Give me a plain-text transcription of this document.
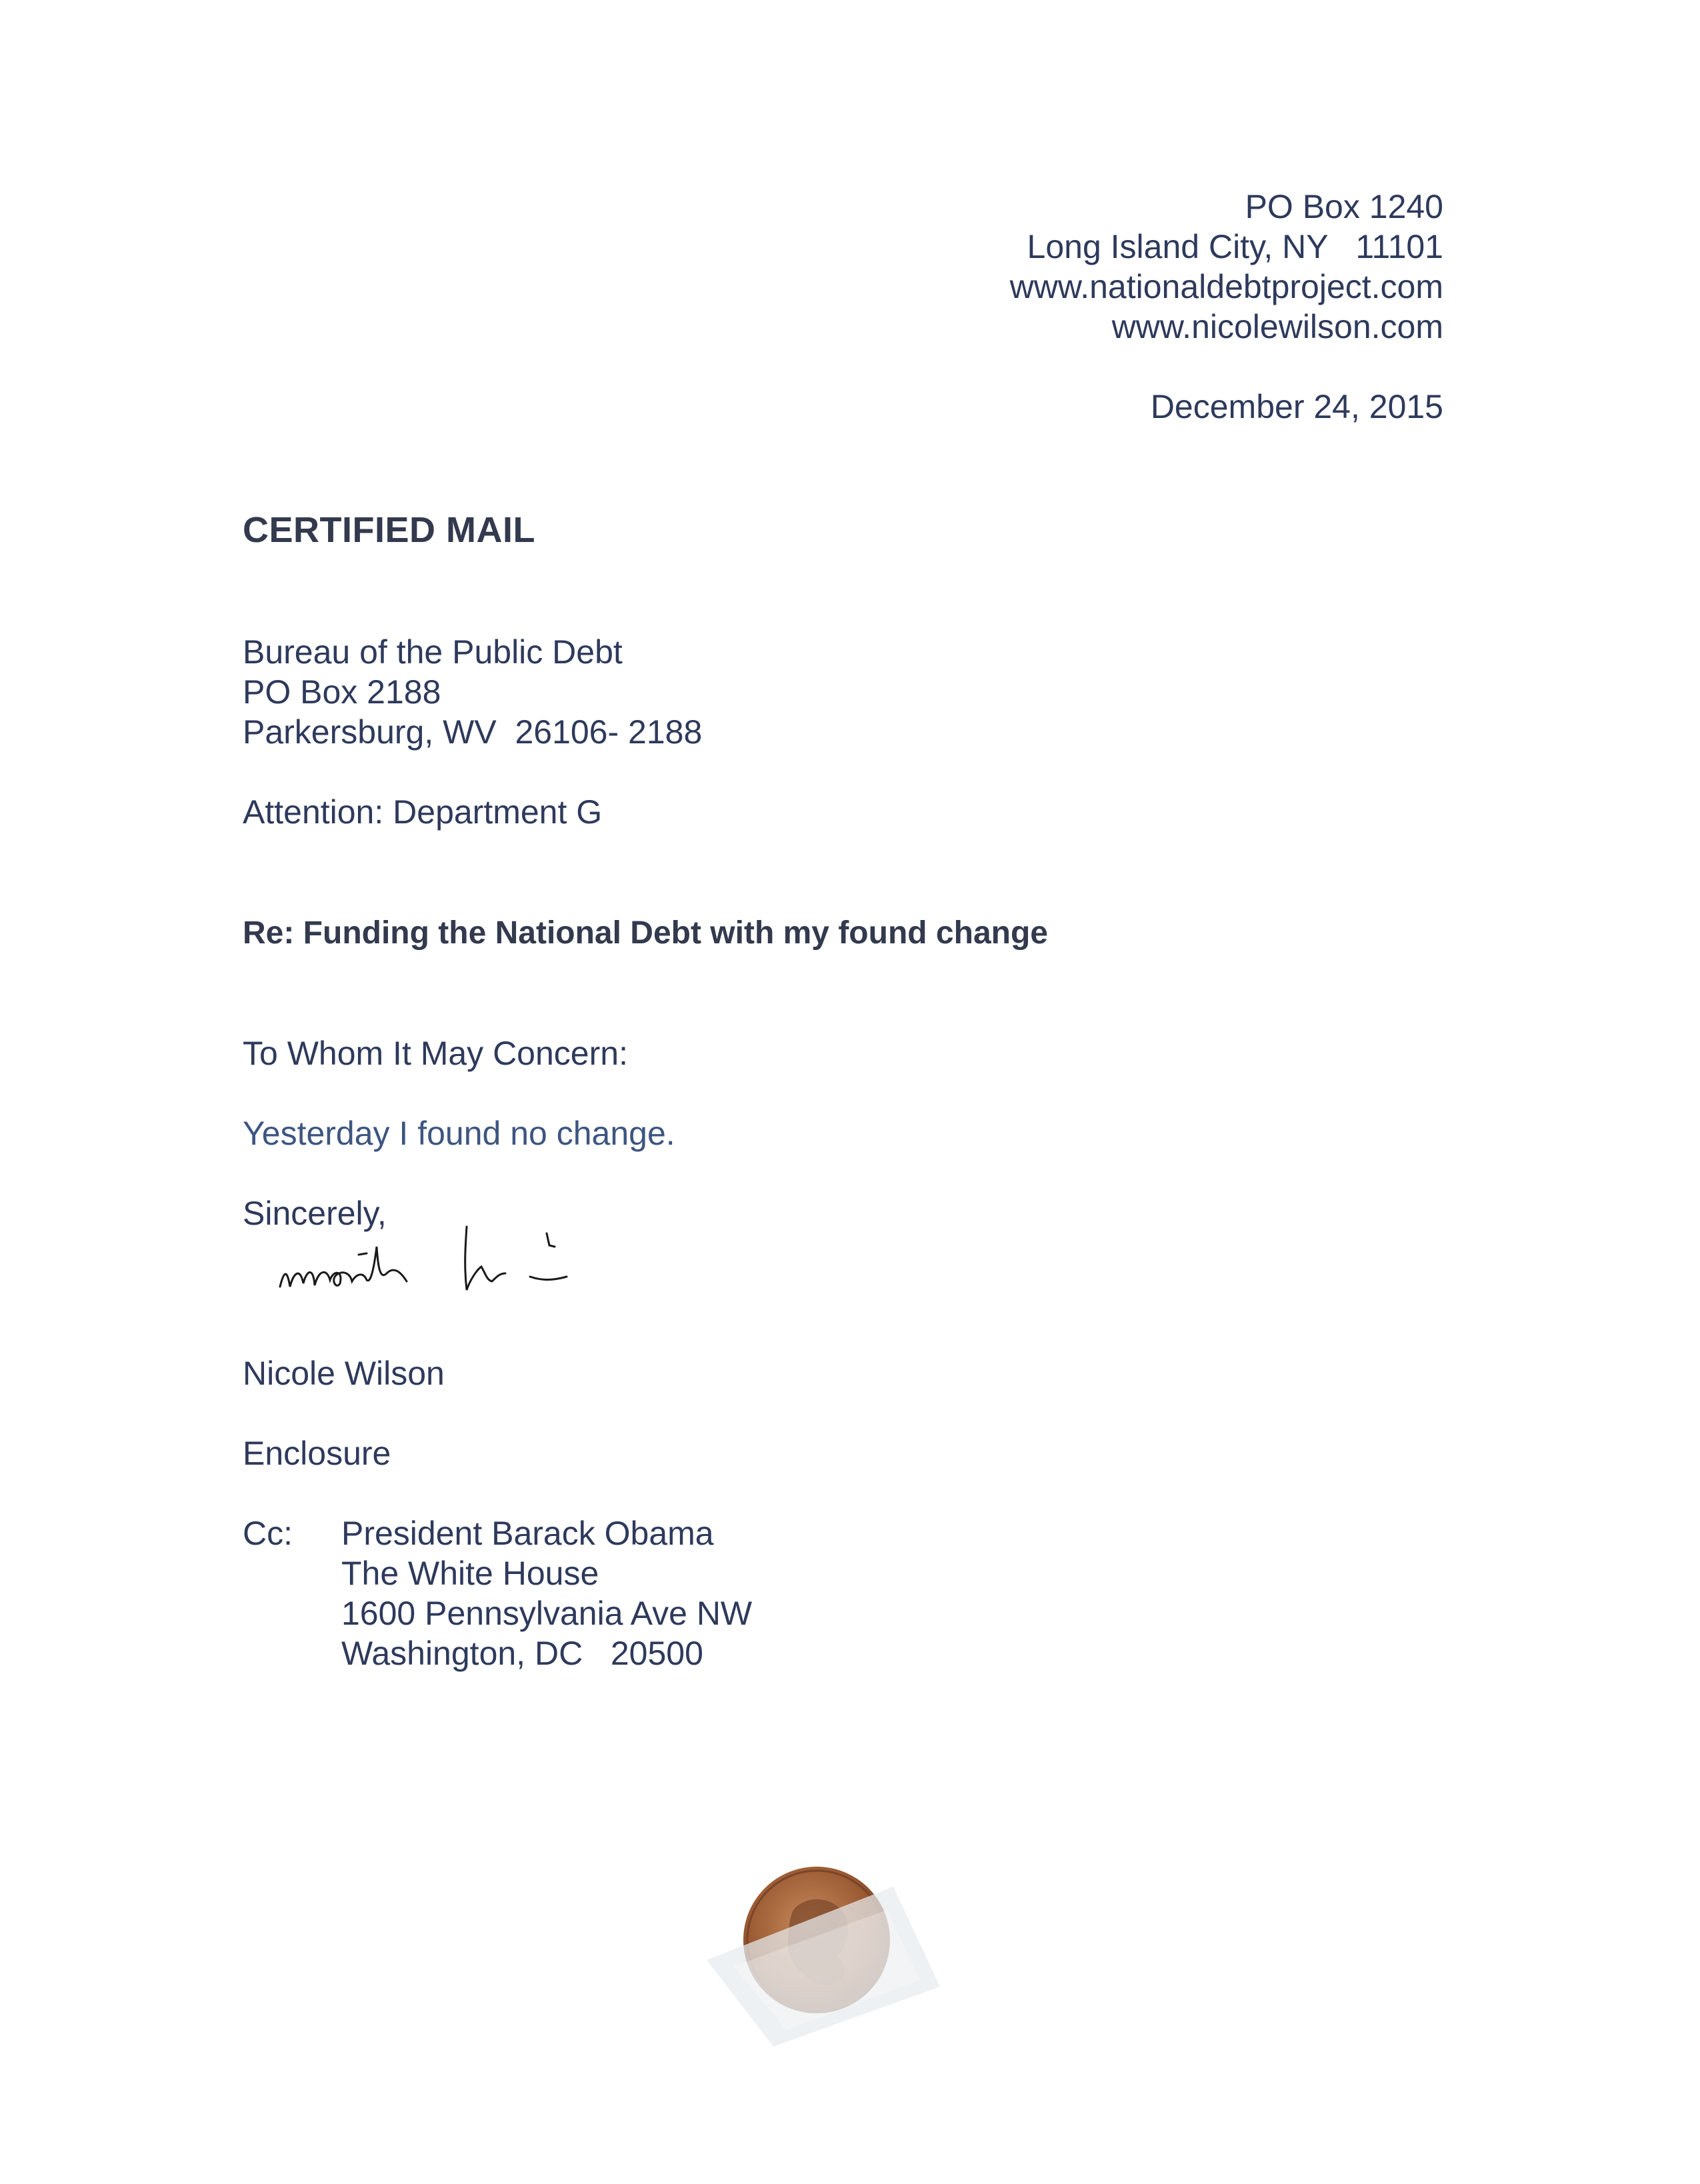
PO Box 1240
Long Island City, NY   11101
www.nationaldebtproject.com
www.nicolewilson.com
December 24, 2015
CERTIFIED MAIL
Bureau of the Public Debt
PO Box 2188
Parkersburg, WV  26106- 2188
Attention: Department G
Re: Funding the National Debt with my found change
To Whom It May Concern:
Yesterday I found no change.
Sincerely,
Nicole Wilson
Enclosure
Cc: President Barack Obama
The White House
1600 Pennsylvania Ave NW
Washington, DC   20500
